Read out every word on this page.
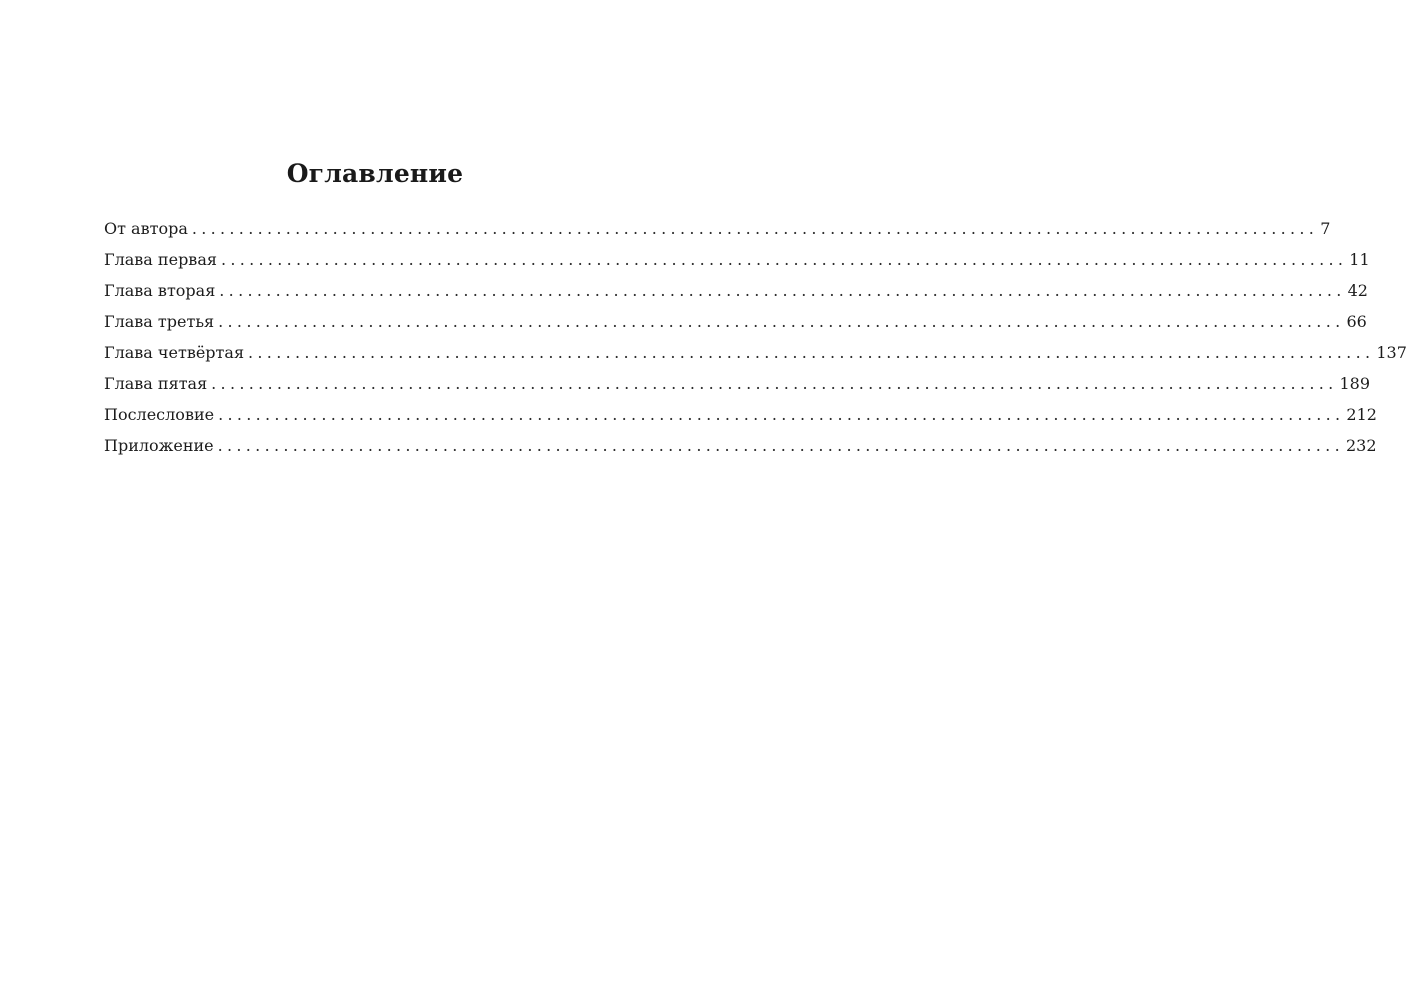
Оглавление
От автора ........................................................................................................................ 7
Глава первая ........................................................................................................................ 11
Глава вторая ........................................................................................................................ 42
Глава третья ........................................................................................................................ 66
Глава четвёртая ........................................................................................................................ 137
Глава пятая ........................................................................................................................ 189
Послесловие ........................................................................................................................ 212
Приложение ........................................................................................................................ 232
